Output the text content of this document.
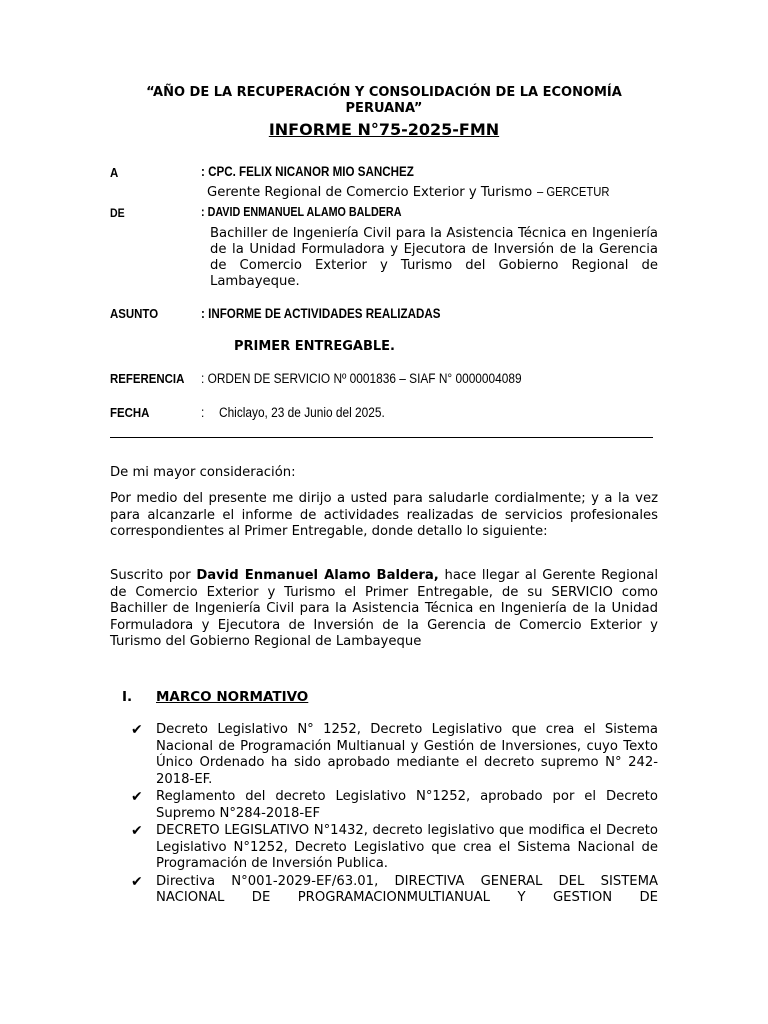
“AÑO DE LA RECUPERACIÓN Y CONSOLIDACIÓN DE LA ECONOMÍA PERUANA”
INFORME N°75-2025-FMN
A	: CPC. FELIX NICANOR MIO SANCHEZ
Gerente Regional de Comercio Exterior y Turismo – GERCETUR
DE	: DAVID ENMANUEL ALAMO BALDERA
Bachiller de Ingeniería Civil para la Asistencia Técnica en Ingeniería de la Unidad Formuladora y Ejecutora de Inversión de la Gerencia de Comercio Exterior y Turismo del Gobierno Regional de Lambayeque.
ASUNTO	: INFORME DE ACTIVIDADES REALIZADAS
PRIMER ENTREGABLE.
REFERENCIA : ORDEN DE SERVICIO Nº 0001836 – SIAF N° 0000004089
FECHA	: Chiclayo, 23 de Junio del 2025.
De mi mayor consideración:
Por medio del presente me dirijo a usted para saludarle cordialmente; y a la vez para alcanzarle el informe de actividades realizadas de servicios profesionales correspondientes al Primer Entregable, donde detallo lo siguiente:
Suscrito por David Enmanuel Alamo Baldera, hace llegar al Gerente Regional de Comercio Exterior y Turismo el Primer Entregable, de su SERVICIO como Bachiller de Ingeniería Civil para la Asistencia Técnica en Ingeniería de la Unidad Formuladora y Ejecutora de Inversión de la Gerencia de Comercio Exterior y Turismo del Gobierno Regional de Lambayeque
I. MARCO NORMATIVO
✔ Decreto Legislativo N° 1252, Decreto Legislativo que crea el Sistema Nacional de Programación Multianual y Gestión de Inversiones, cuyo Texto Único Ordenado ha sido aprobado mediante el decreto supremo N° 242-2018-EF.
✔ Reglamento del decreto Legislativo N°1252, aprobado por el Decreto Supremo N°284-2018-EF
✔ DECRETO LEGISLATIVO N°1432, decreto legislativo que modifica el Decreto Legislativo N°1252, Decreto Legislativo que crea el Sistema Nacional de Programación de Inversión Publica.
✔ Directiva N°001-2029-EF/63.01, DIRECTIVA GENERAL DEL SISTEMA NACIONAL DE PROGRAMACIONMULTIANUAL Y GESTION DE
